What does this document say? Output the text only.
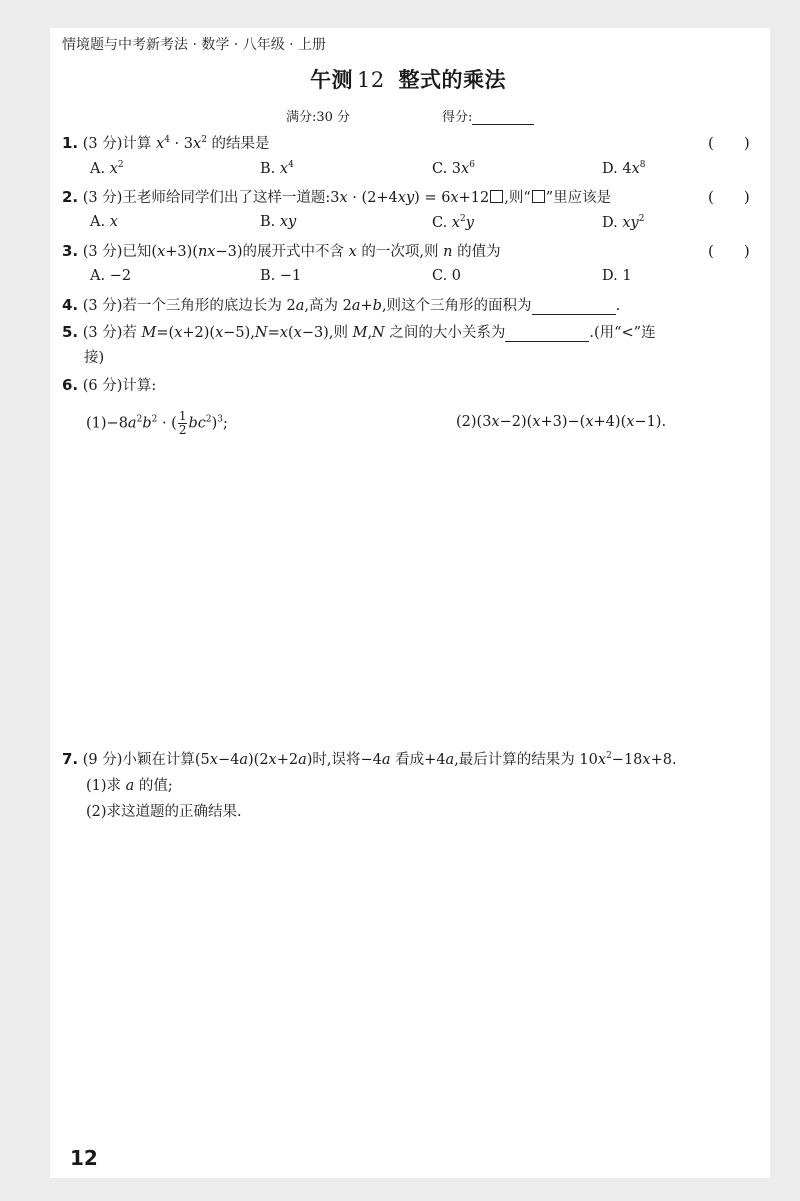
情境题与中考新考法 · 数学 · 八年级 · 上册
午测 12 整式的乘法
满分:30 分	得分:
1. (3 分)计算 $x^4 \cdot 3x^2$ 的结果是	(　　)
A. $x^2$	B. $x^4$	C. $3x^6$	D. $4x^8$
2. (3 分)王老师给同学们出了这样一道题:3x · (2+4xy) = 6x+12 ,则“ ”里应该是	(　　)
A. x	B. xy	C. $x^2y$	D. $xy^2$
3. (3 分)已知(x+3)(nx−3)的展开式中不含 x 的一次项,则 n 的值为	(　　)
A. −2	B. −1	C. 0	D. 1
4. (3 分)若一个三角形的底边长为 2a,高为 2a+b,则这个三角形的面积为	.
5. (3 分)若 M=(x+2)(x−5),N=x(x−3),则 M,N 之间的大小关系为	.(用“<”连
接)
6. (6 分)计算:
$(1)-8a^2b^2$ · ( $\frac{1}{2} bc^2)^3$;	(2)(3x−2)(x+3)−(x+4)(x−1).
7. (9 分)小颖在计算(5x−4a)(2x+2a)时,误将−4a 看成+4a,最后计算的结果为 $10x^2-18x+8$.
(1)求 a 的值;
(2)求这道题的正确结果.
12
